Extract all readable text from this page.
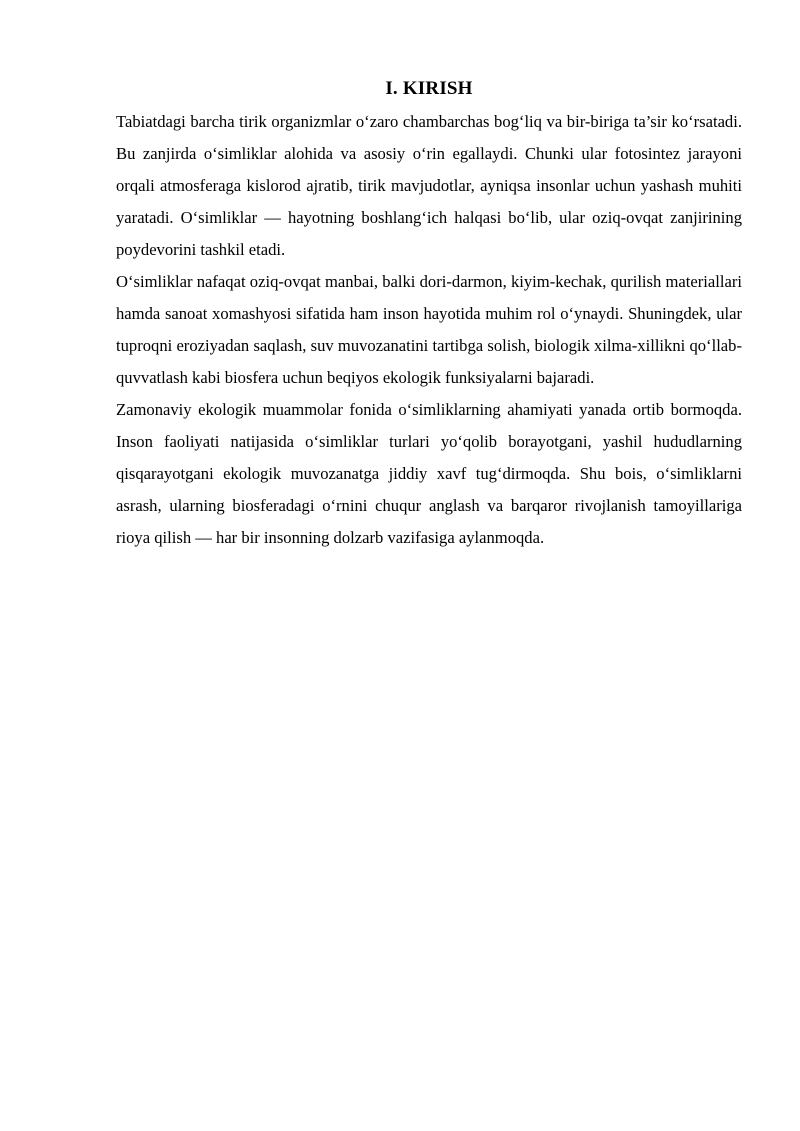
I. KIRISH

Tabiatdagi barcha tirik organizmlar o‘zaro chambarchas bog‘liq va bir-biriga ta’sir ko‘rsatadi. Bu zanjirda o‘simliklar alohida va asosiy o‘rin egallaydi. Chunki ular fotosintez jarayoni orqali atmosferaga kislorod ajratib, tirik mavjudotlar, ayniqsa insonlar uchun yashash muhiti yaratadi. O‘simliklar — hayotning boshlang‘ich halqasi bo‘lib, ular oziq-ovqat zanjirining poydevorini tashkil etadi.

O‘simliklar nafaqat oziq-ovqat manbai, balki dori-darmon, kiyim-kechak, qurilish materiallari hamda sanoat xomashyosi sifatida ham inson hayotida muhim rol o‘ynaydi. Shuningdek, ular tuproqni eroziyadan saqlash, suv muvozanatini tartibga solish, biologik xilma-xillikni qo‘llab-quvvatlash kabi biosfera uchun beqiyos ekologik funksiyalarni bajaradi.

Zamonaviy ekologik muammolar fonida o‘simliklarning ahamiyati yanada ortib bormoqda. Inson faoliyati natijasida o‘simliklar turlari yo‘qolib borayotgani, yashil hududlarning qisqarayotgani ekologik muvozanatga jiddiy xavf tug‘dirmoqda. Shu bois, o‘simliklarni asrash, ularning biosferadagi o‘rnini chuqur anglash va barqaror rivojlanish tamoyillariga rioya qilish — har bir insonning dolzarb vazifasiga aylanmoqda.
